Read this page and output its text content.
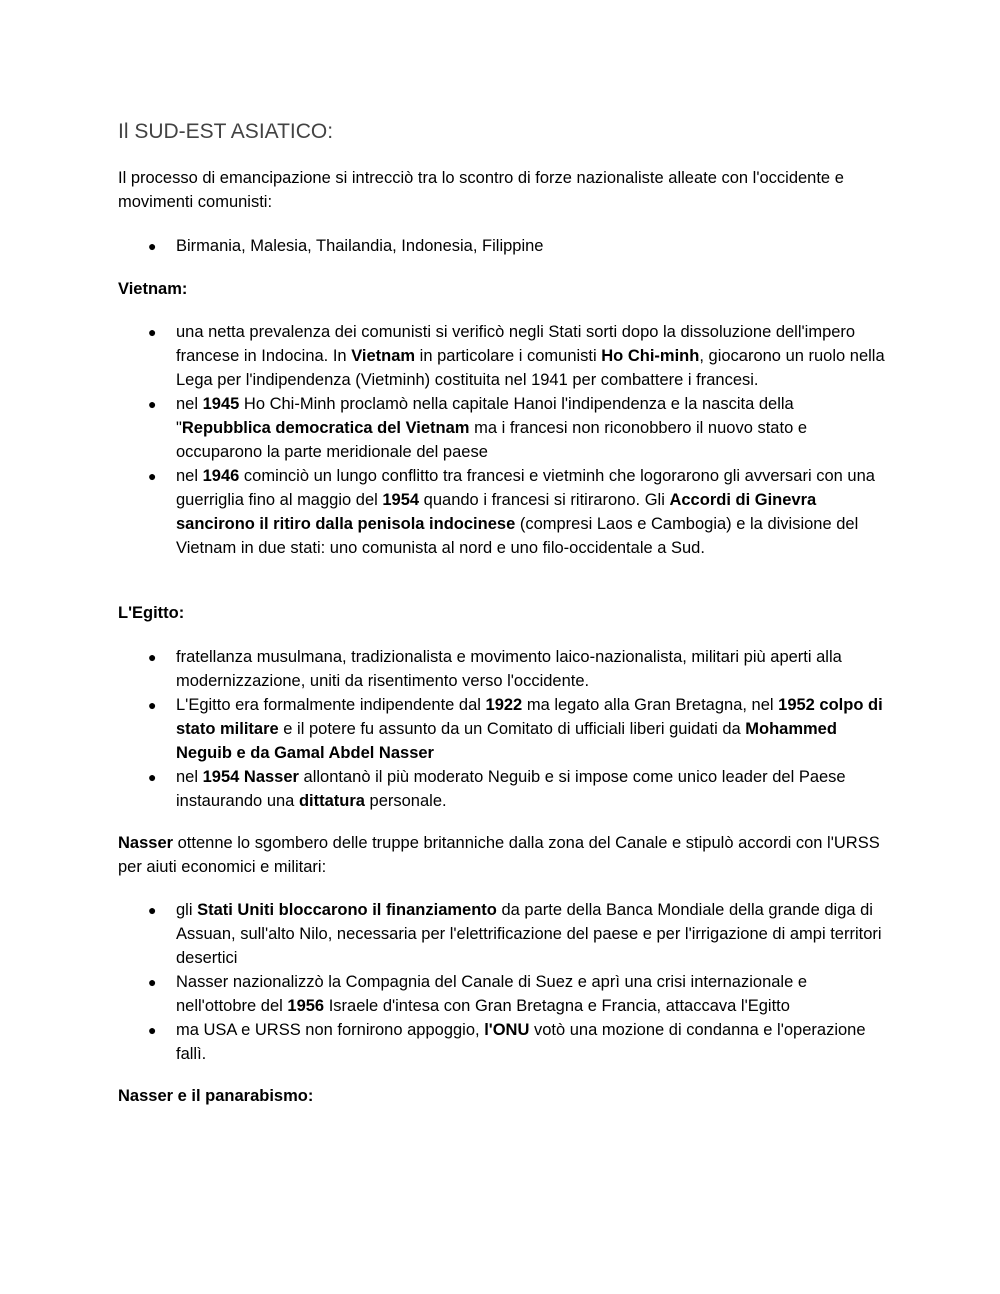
Il SUD-EST ASIATICO:

Il processo di emancipazione si intrecciò tra lo scontro di forze nazionaliste alleate con l'occidente e movimenti comunisti:

● Birmania, Malesia, Thailandia, Indonesia, Filippine
Vietnam:
● una netta prevalenza dei comunisti si verificò negli Stati sorti dopo la dissoluzione dell'impero francese in Indocina. In Vietnam in particolare i comunisti Ho Chi-minh, giocarono un ruolo nella Lega per l'indipendenza (Vietminh) costituita nel 1941 per combattere i francesi.
● nel 1945 Ho Chi-Minh proclamò nella capitale Hanoi l'indipendenza e la nascita della "Repubblica democratica del Vietnam ma i francesi non riconobbero il nuovo stato e occuparono la parte meridionale del paese
● nel 1946 cominciò un lungo conflitto tra francesi e vietminh che logorarono gli avversari con una guerriglia fino al maggio del 1954 quando i francesi si ritirarono. Gli Accordi di Ginevra sancirono il ritiro dalla penisola indocinese (compresi Laos e Cambogia) e la divisione del Vietnam in due stati: uno comunista al nord e uno filo-occidentale a Sud.
L'Egitto:
● fratellanza musulmana, tradizionalista e movimento laico-nazionalista, militari più aperti alla modernizzazione, uniti da risentimento verso l'occidente.
● L'Egitto era formalmente indipendente dal 1922 ma legato alla Gran Bretagna, nel 1952 colpo di stato militare e il potere fu assunto da un Comitato di ufficiali liberi guidati da Mohammed Neguib e da Gamal Abdel Nasser
● nel 1954 Nasser allontanò il più moderato Neguib e si impose come unico leader del Paese instaurando una dittatura personale.

Nasser ottenne lo sgombero delle truppe britanniche dalla zona del Canale e stipulò accordi con l'URSS per aiuti economici e militari:

● gli Stati Uniti bloccarono il finanziamento da parte della Banca Mondiale della grande diga di Assuan, sull'alto Nilo, necessaria per l'elettrificazione del paese e per l'irrigazione di ampi territori desertici
● Nasser nazionalizzò la Compagnia del Canale di Suez e aprì una crisi internazionale e nell'ottobre del 1956 Israele d'intesa con Gran Bretagna e Francia, attaccava l'Egitto
● ma USA e URSS non fornirono appoggio, l'ONU votò una mozione di condanna e l'operazione fallì.
Nasser e il panarabismo:
